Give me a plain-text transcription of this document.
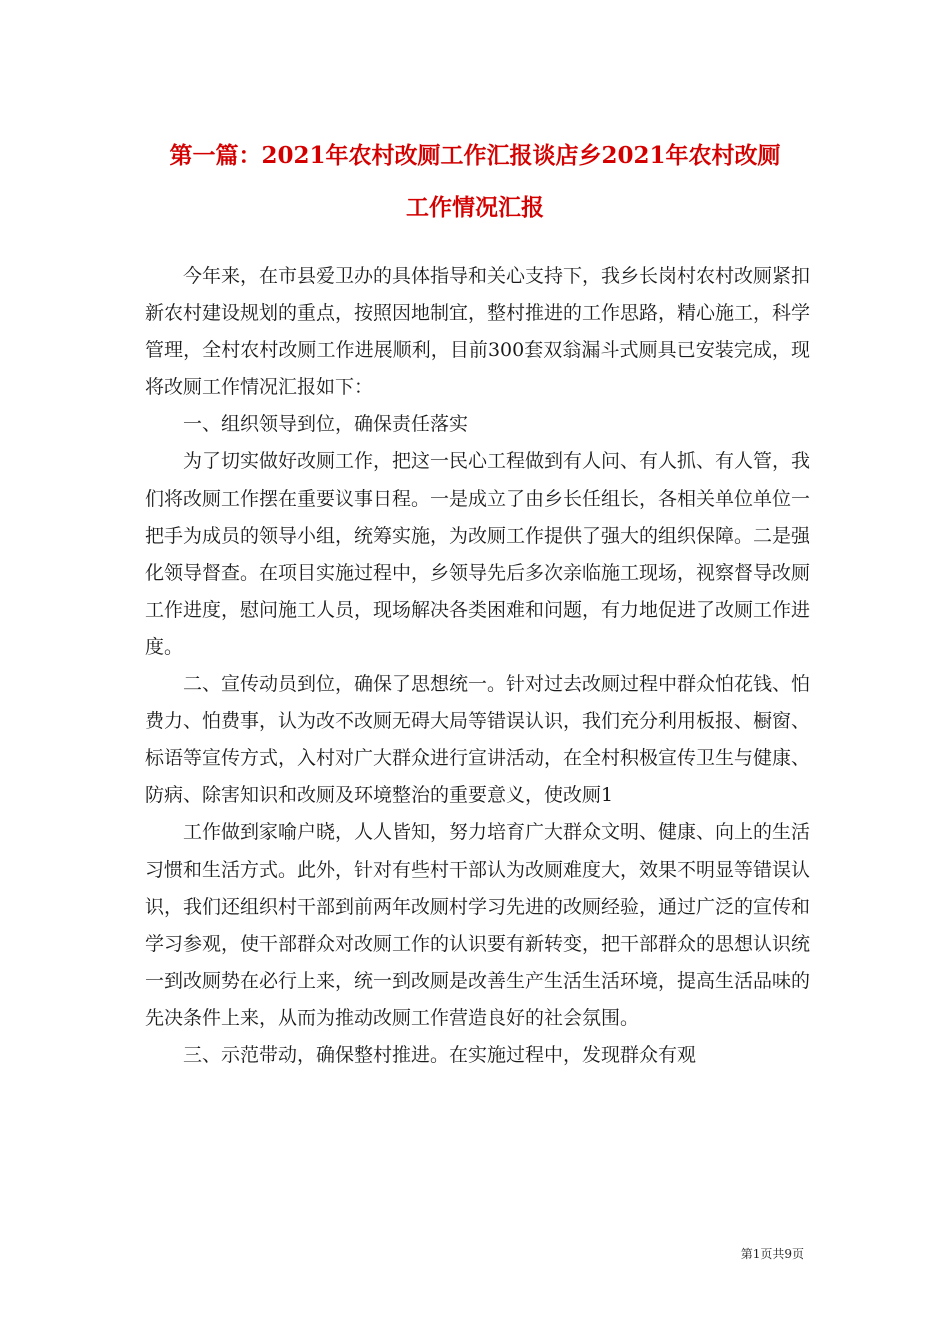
第一篇：2021年农村改厕工作汇报谈店乡2021年农村改厕
工作情况汇报

今年来，在市县爱卫办的具体指导和关心支持下，我乡长岗村农村改厕紧扣新农村建设规划的重点，按照因地制宜，整村推进的工作思路，精心施工，科学管理，全村农村改厕工作进展顺利，目前300套双翁漏斗式厕具已安装完成，现将改厕工作情况汇报如下：

一、组织领导到位，确保责任落实

为了切实做好改厕工作，把这一民心工程做到有人问、有人抓、有人管，我们将改厕工作摆在重要议事日程。一是成立了由乡长任组长，各相关单位单位一把手为成员的领导小组，统筹实施，为改厕工作提供了强大的组织保障。二是强化领导督查。在项目实施过程中，乡领导先后多次亲临施工现场，视察督导改厕工作进度，慰问施工人员，现场解决各类困难和问题，有力地促进了改厕工作进度。

二、宣传动员到位，确保了思想统一。针对过去改厕过程中群众怕花钱、怕费力、怕费事，认为改不改厕无碍大局等错误认识，我们充分利用板报、橱窗、标语等宣传方式，入村对广大群众进行宣讲活动，在全村积极宣传卫生与健康、防病、除害知识和改厕及环境整治的重要意义，使改厕1

工作做到家喻户晓，人人皆知，努力培育广大群众文明、健康、向上的生活习惯和生活方式。此外，针对有些村干部认为改厕难度大，效果不明显等错误认识，我们还组织村干部到前两年改厕村学习先进的改厕经验，通过广泛的宣传和学习参观，使干部群众对改厕工作的认识要有新转变，把干部群众的思想认识统一到改厕势在必行上来，统一到改厕是改善生产生活生活环境，提高生活品味的先决条件上来，从而为推动改厕工作营造良好的社会氛围。

三、示范带动，确保整村推进。在实施过程中，发现群众有观

第1页共9页
